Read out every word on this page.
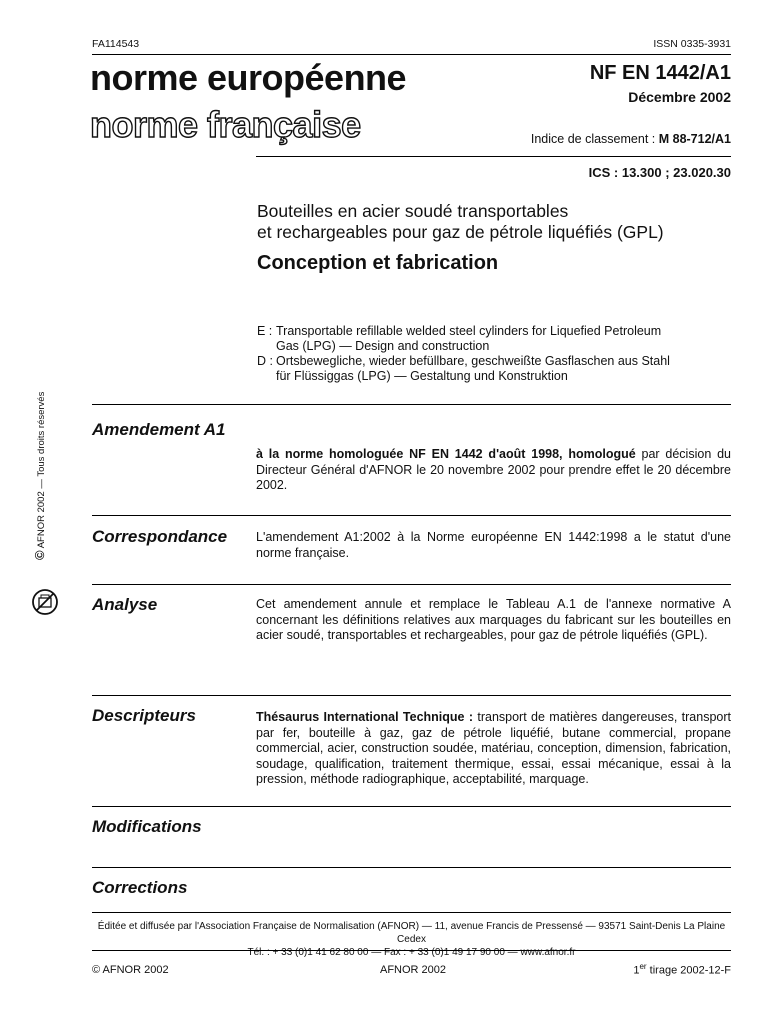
FA114543	ISSN 0335-3931
norme européenne
norme française
NF EN 1442/A1
Décembre 2002
Indice de classement : M 88-712/A1
ICS : 13.300 ; 23.020.30
Bouteilles en acier soudé transportables
et rechargeables pour gaz de pétrole liquéfiés (GPL)
Conception et fabrication
E : Transportable refillable welded steel cylinders for Liquefied Petroleum
Gas (LPG) — Design and construction
D : Ortsbewegliche, wieder befüllbare, geschweißte Gasflaschen aus Stahl
für Flüssiggas (LPG) — Gestaltung und Konstruktion
Amendement A1
à la norme homologuée NF EN 1442 d'août 1998, homologué par décision du Directeur Général d'AFNOR le 20 novembre 2002 pour prendre effet le 20 décembre 2002.
Correspondance L'amendement A1:2002 à la Norme européenne EN 1442:1998 a le statut d'une norme française.
Analyse	Cet amendement annule et remplace le Tableau A.1 de l'annexe normative A concernant les définitions relatives aux marquages du fabricant sur les bouteilles en acier soudé, transportables et rechargeables, pour gaz de pétrole liquéfiés (GPL).
Descripteurs	Thésaurus International Technique : transport de matières dangereuses, transport par fer, bouteille à gaz, gaz de pétrole liquéfié, butane commercial, propane commercial, acier, construction soudée, matériau, conception, dimension, fabrication, soudage, qualification, traitement thermique, essai, essai mécanique, essai à la pression, méthode radiographique, acceptabilité, marquage.
Modifications
Corrections
Éditée et diffusée par l'Association Française de Normalisation (AFNOR) — 11, avenue Francis de Pressensé — 93571 Saint-Denis La Plaine Cedex
Tél. : + 33 (0)1 41 62 80 00 — Fax : + 33 (0)1 49 17 90 00 — www.afnor.fr
© AFNOR 2002	AFNOR 2002	1er tirage 2002-12-F
© AFNOR 2002 — Tous droits réservés
